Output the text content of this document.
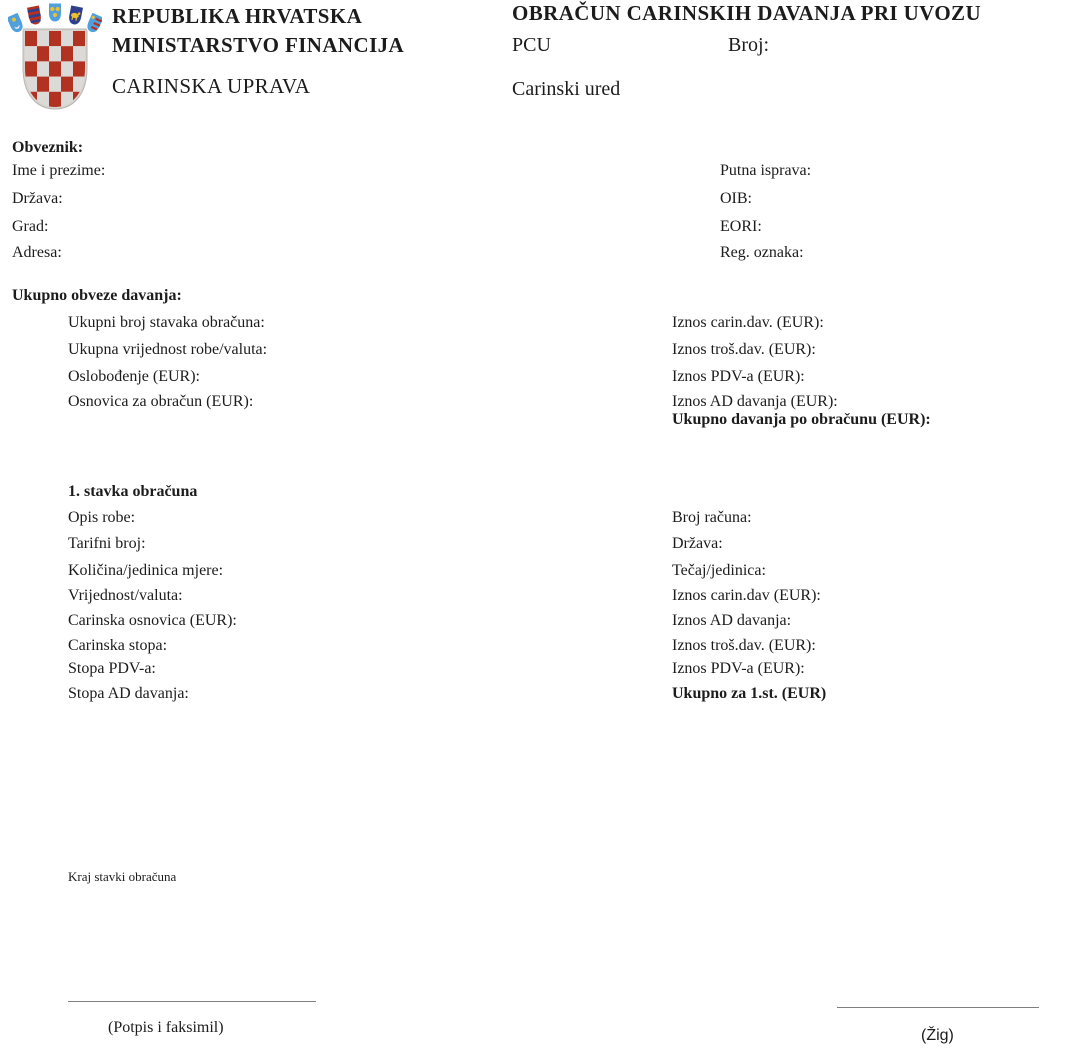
REPUBLIKA HRVATSKA
MINISTARSTVO FINANCIJA
CARINSKA UPRAVA
OBRAČUN CARINSKIH DAVANJA PRI UVOZU
PCU	Broj:
Carinski ured
Obveznik:
Ime i prezime:	Putna isprava:
Država:	OIB:
Grad:	EORI:
Adresa:	Reg. oznaka:
Ukupno obveze davanja:
Ukupni broj stavaka obračuna:	Iznos carin.dav. (EUR):
Ukupna vrijednost robe/valuta:	Iznos troš.dav. (EUR):
Oslobođenje (EUR):	Iznos PDV-a (EUR):
Osnovica za obračun (EUR):	Iznos AD davanja (EUR):
Ukupno davanja po obračunu (EUR):
1. stavka obračuna
Opis robe:	Broj računa:
Tarifni broj:	Država:
Količina/jedinica mjere:	Tečaj/jedinica:
Vrijednost/valuta:	Iznos carin.dav (EUR):
Carinska osnovica (EUR):	Iznos AD davanja:
Carinska stopa:	Iznos troš.dav. (EUR):
Stopa PDV-a:	Iznos PDV-a (EUR):
Stopa AD davanja:	Ukupno za 1.st. (EUR)
Kraj stavki obračuna
(Potpis i faksimil)	(Žig)
